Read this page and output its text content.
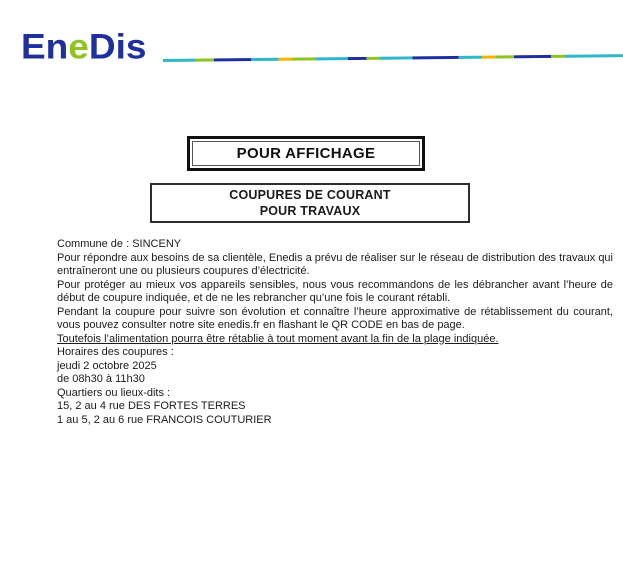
EneDis
POUR AFFICHAGE
COUPURES DE COURANT
POUR TRAVAUX

Commune de : SINCENY

Pour répondre aux besoins de sa clientèle, Enedis a prévu de réaliser sur le réseau de distribution des travaux qui entraîneront une ou plusieurs coupures d’électricité.

Pour protéger au mieux vos appareils sensibles, nous vous recommandons de les débrancher avant l’heure de début de coupure indiquée, et de ne les rebrancher qu’une fois le courant rétabli.

Pendant la coupure pour suivre son évolution et connaître l’heure approximative de rétablissement du courant, vous pouvez consulter notre site enedis.fr en flashant le QR CODE en bas de page.

Toutefois l’alimentation pourra être rétablie à tout moment avant la fin de la plage indiquée.

Horaires des coupures :

jeudi 2 octobre 2025

de 08h30 à 11h30

Quartiers ou lieux-dits :

15, 2 au 4 rue DES FORTES TERRES

1 au 5, 2 au 6 rue FRANCOIS COUTURIER
